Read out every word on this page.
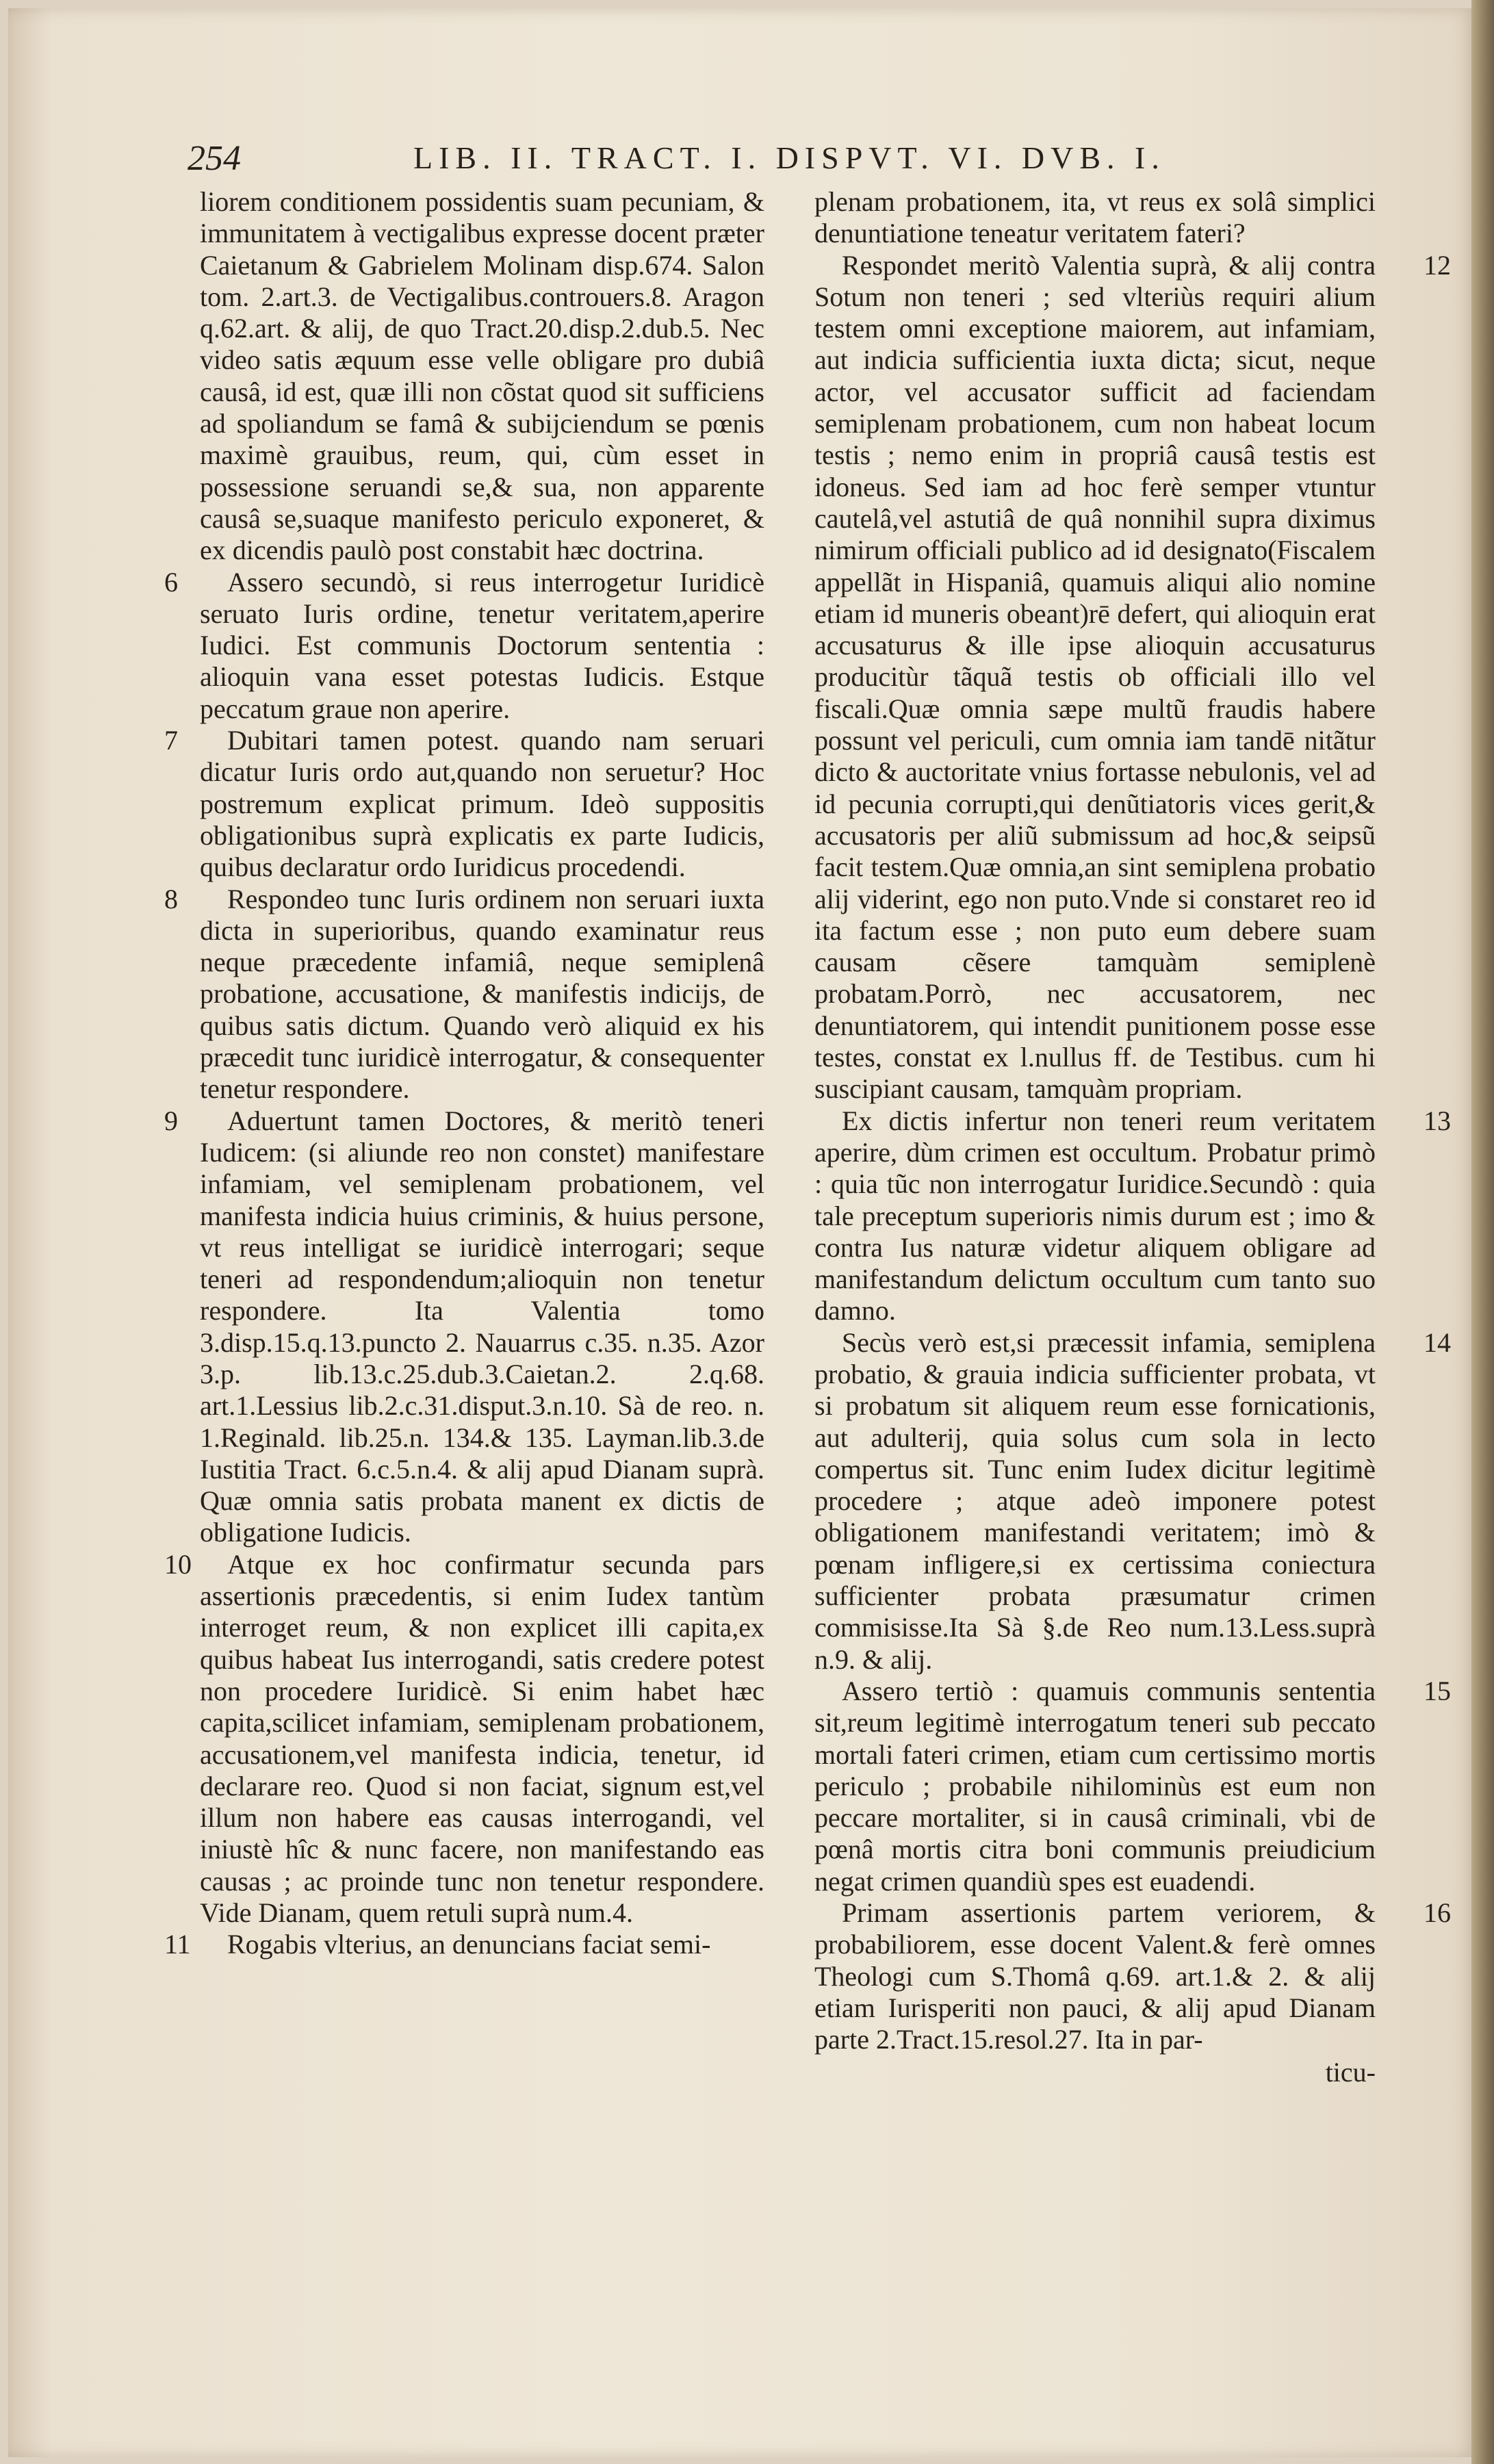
254	LIB. II. TRACT. I. DISPVT. VI. DVB. I.

liorem conditionem possidentis suam pecuniam, & immunitatem à vectigalibus expresse docent præter Caietanum & Gabrielem Molinam disp.674. Salon tom. 2.art.3. de Vectigalibus.controuers.8. Aragon q.62.art. & alij, de quo Tract.20.disp.2.dub.5. Nec video satis æquum esse velle obligare pro dubiâ causâ, id est, quæ illi non cõstat quod sit sufficiens ad spoliandum se famâ & subijciendum se pœnis maximè grauibus, reum, qui, cùm esset in possessione seruandi se,& sua, non apparente causâ se,suaque manifesto periculo exponeret, & ex dicendis paulò post constabit hæc doctrina.

6 Assero secundò, si reus interrogetur Iuridicè seruato Iuris ordine, tenetur veritatem,aperire Iudici. Est communis Doctorum sententia : alioquin vana esset potestas Iudicis. Estque peccatum graue non aperire.

7 Dubitari tamen potest. quando nam seruari dicatur Iuris ordo aut,quando non seruetur? Hoc postremum explicat primum. Ideò suppositis obligationibus suprà explicatis ex parte Iudicis, quibus declaratur ordo Iuridicus procedendi.

8 Respondeo tunc Iuris ordinem non seruari iuxta dicta in superioribus, quando examinatur reus neque præcedente infamiâ, neque semiplenâ probatione, accusatione, & manifestis indicijs, de quibus satis dictum. Quando verò aliquid ex his præcedit tunc iuridicè interrogatur, & consequenter tenetur respondere.

9 Aduertunt tamen Doctores, & meritò teneri Iudicem: (si aliunde reo non constet) manifestare infamiam, vel semiplenam probationem, vel manifesta indicia huius criminis, & huius persone, vt reus intelligat se iuridicè interrogari; seque teneri ad respondendum;alioquin non tenetur respondere. Ita Valentia tomo 3.disp.15.q.13.puncto 2. Nauarrus c.35. n.35. Azor 3.p. lib.13.c.25.dub.3.Caietan.2. 2.q.68. art.1.Lessius lib.2.c.31.disput.3.n.10. Sà de reo. n. 1.Reginald. lib.25.n. 134.& 135. Layman.lib.3.de Iustitia Tract. 6.c.5.n.4. & alij apud Dianam suprà. Quæ omnia satis probata manent ex dictis de obligatione Iudicis.

10 Atque ex hoc confirmatur secunda pars assertionis præcedentis, si enim Iudex tantùm interroget reum, & non explicet illi capita,ex quibus habeat Ius interrogandi, satis credere potest non procedere Iuridicè. Si enim habet hæc capita,scilicet infamiam, semiplenam probationem, accusationem,vel manifesta indicia, tenetur, id declarare reo. Quod si non faciat, signum est,vel illum non habere eas causas interrogandi, vel iniustè hîc & nunc facere, non manifestando eas causas ; ac proinde tunc non tenetur respondere. Vide Dianam, quem retuli suprà num.4.

11 Rogabis vlterius, an denuncians faciat semi-

plenam probationem, ita, vt reus ex solâ simplici denuntiatione teneatur veritatem fateri?

12
Respondet meritò Valentia suprà, & alij contra Sotum non teneri ; sed vlteriùs requiri alium testem omni exceptione maiorem, aut infamiam, aut indicia sufficientia iuxta dicta; sicut, neque actor, vel accusator sufficit ad faciendam semiplenam probationem, cum non habeat locum testis ; nemo enim in propriâ causâ testis est idoneus. Sed iam ad hoc ferè semper vtuntur cautelâ,vel astutiâ de quâ nonnihil supra diximus nimirum officiali publico ad id designato(Fiscalem appellãt in Hispaniâ, quamuis aliqui alio nomine etiam id muneris obeant)rē defert, qui alioquin erat accusaturus & ille ipse alioquin accusaturus producitùr tãquã testis ob officiali illo vel fiscali.Quæ omnia sæpe multũ fraudis habere possunt vel periculi, cum omnia iam tandē nitãtur dicto & auctoritate vnius fortasse nebulonis, vel ad id pecunia corrupti,qui denũtiatoris vices gerit,& accusatoris per aliũ submissum ad hoc,& seipsũ facit testem.Quæ omnia,an sint semiplena probatio alij viderint, ego non puto.Vnde si constaret reo id ita factum esse ; non puto eum debere suam causam cẽsere tamquàm semiplenè probatam.Porrò, nec accusatorem, nec denuntiatorem, qui intendit punitionem posse esse testes, constat ex l.nullus ff. de Testibus. cum hi suscipiant causam, tamquàm propriam.

13
Ex dictis infertur non teneri reum veritatem aperire, dùm crimen est occultum. Probatur primò : quia tũc non interrogatur Iuridice.Secundò : quia tale preceptum superioris nimis durum est ; imo & contra Ius naturæ videtur aliquem obligare ad manifestandum delictum occultum cum tanto suo damno.

14
Secùs verò est,si præcessit infamia, semiplena probatio, & grauia indicia sufficienter probata, vt si probatum sit aliquem reum esse fornicationis, aut adulterij, quia solus cum sola in lecto compertus sit. Tunc enim Iudex dicitur legitimè procedere ; atque adeò imponere potest obligationem manifestandi veritatem; imò & pœnam infligere,si ex certissima coniectura sufficienter probata præsumatur crimen commisisse.Ita Sà §.de Reo num.13.Less.suprà n.9. & alij.

15
Assero tertiò : quamuis communis sententia sit,reum legitimè interrogatum teneri sub peccato mortali fateri crimen, etiam cum certissimo mortis periculo ; probabile nihilominùs est eum non peccare mortaliter, si in causâ criminali, vbi de pœnâ mortis citra boni communis preiudicium negat crimen quandiù spes est euadendi.

16
Primam assertionis partem veriorem, & probabiliorem, esse docent Valent.& ferè omnes Theologi cum S.Thomâ q.69. art.1.& 2. & alij etiam Iurisperiti non pauci, & alij apud Dianam parte 2.Tract.15.resol.27. Ita in par-

ticu-
